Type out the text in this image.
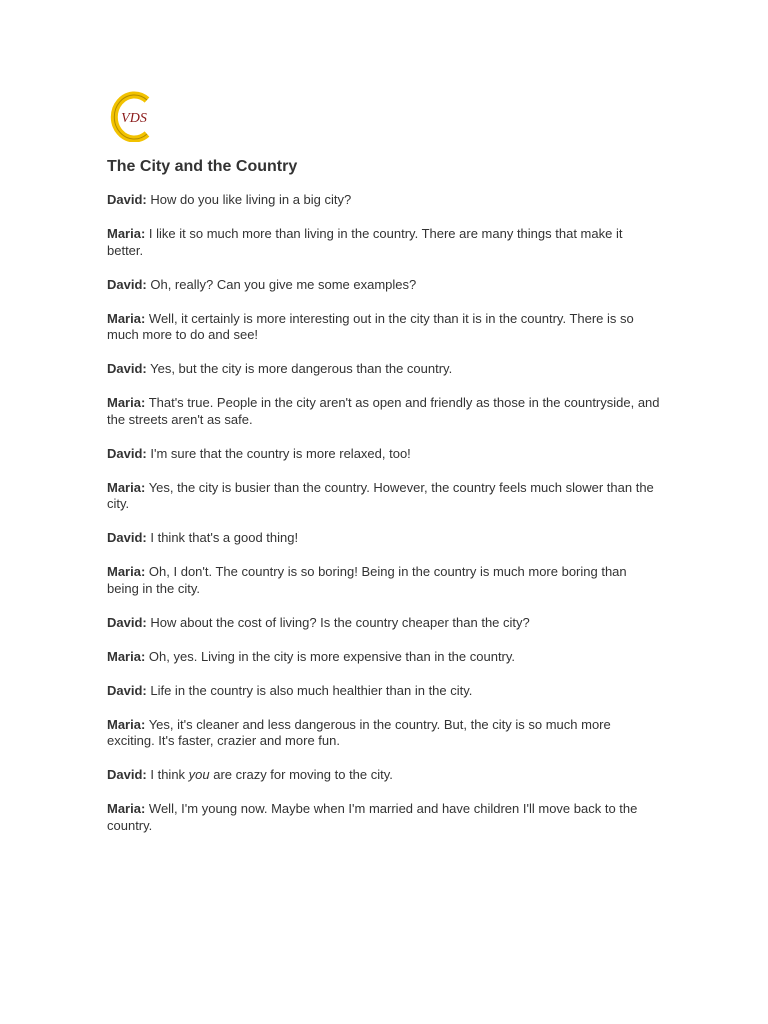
VDS
The City and the Country

David: How do you like living in a big city?

Maria: I like it so much more than living in the country. There are many things that make it better.

David: Oh, really? Can you give me some examples?

Maria: Well, it certainly is more interesting out in the city than it is in the country. There is so much more to do and see!

David: Yes, but the city is more dangerous than the country.

Maria: That's true. People in the city aren't as open and friendly as those in the countryside, and the streets aren't as safe.

David: I'm sure that the country is more relaxed, too!

Maria: Yes, the city is busier than the country. However, the country feels much slower than the city.

David: I think that's a good thing!

Maria: Oh, I don't. The country is so boring! Being in the country is much more boring than being in the city.

David: How about the cost of living? Is the country cheaper than the city?

Maria: Oh, yes. Living in the city is more expensive than in the country.

David: Life in the country is also much healthier than in the city.

Maria: Yes, it's cleaner and less dangerous in the country. But, the city is so much more exciting. It's faster, crazier and more fun.

David: I think you are crazy for moving to the city.

Maria: Well, I'm young now. Maybe when I'm married and have children I'll move back to the country.
